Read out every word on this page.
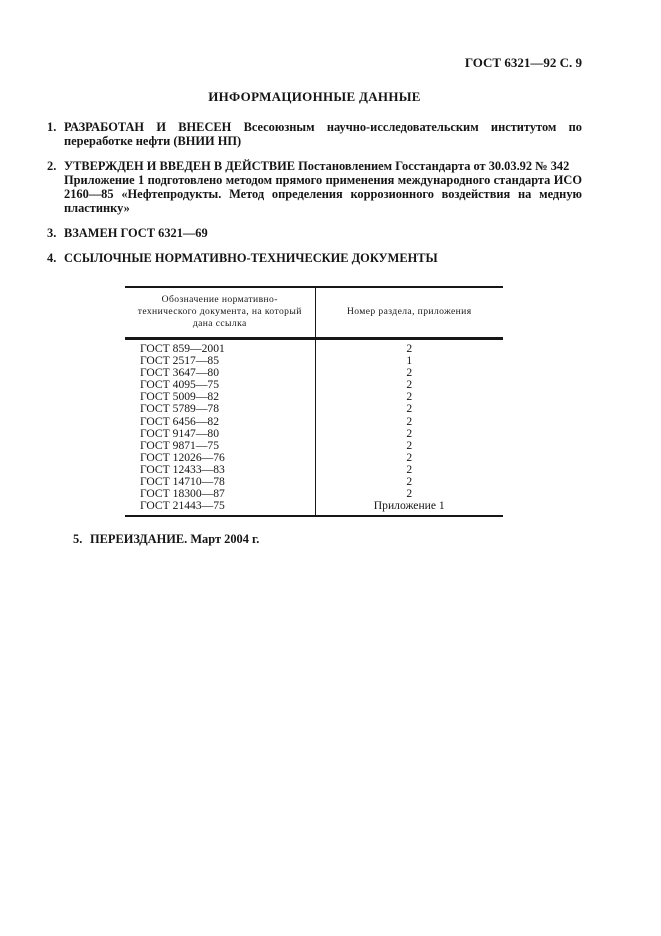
ГОСТ 6321—92 С. 9
ИНФОРМАЦИОННЫЕ ДАННЫЕ
1. РАЗРАБОТАН И ВНЕСЕН Всесоюзным научно-исследовательским институтом по переработке нефти (ВНИИ НП)

2. УТВЕРЖДЕН И ВВЕДЕН В ДЕЙСТВИЕ Постановлением Госстандарта от 30.03.92 № 342

Приложение 1 подготовлено методом прямого применения международного стандарта ИСО 2160—85 «Нефтепродукты. Метод определения коррозионного воздействия на медную пластинку»

3. ВЗАМЕН ГОСТ 6321—69

4. ССЫЛОЧНЫЕ НОРМАТИВНО-ТЕХНИЧЕСКИЕ ДОКУМЕНТЫ

Обозначение нормативно-технического документа, на который дана ссылка	Номер раздела, приложения
ГОСТ 859—2001	2
ГОСТ 2517—85	1
ГОСТ 3647—80	2
ГОСТ 4095—75	2
ГОСТ 5009—82	2
ГОСТ 5789—78	2
ГОСТ 6456—82	2
ГОСТ 9147—80	2
ГОСТ 9871—75	2
ГОСТ 12026—76	2
ГОСТ 12433—83	2
ГОСТ 14710—78	2
ГОСТ 18300—87	2
ГОСТ 21443—75	Приложение 1
5. ПЕРЕИЗДАНИЕ. Март 2004 г.
